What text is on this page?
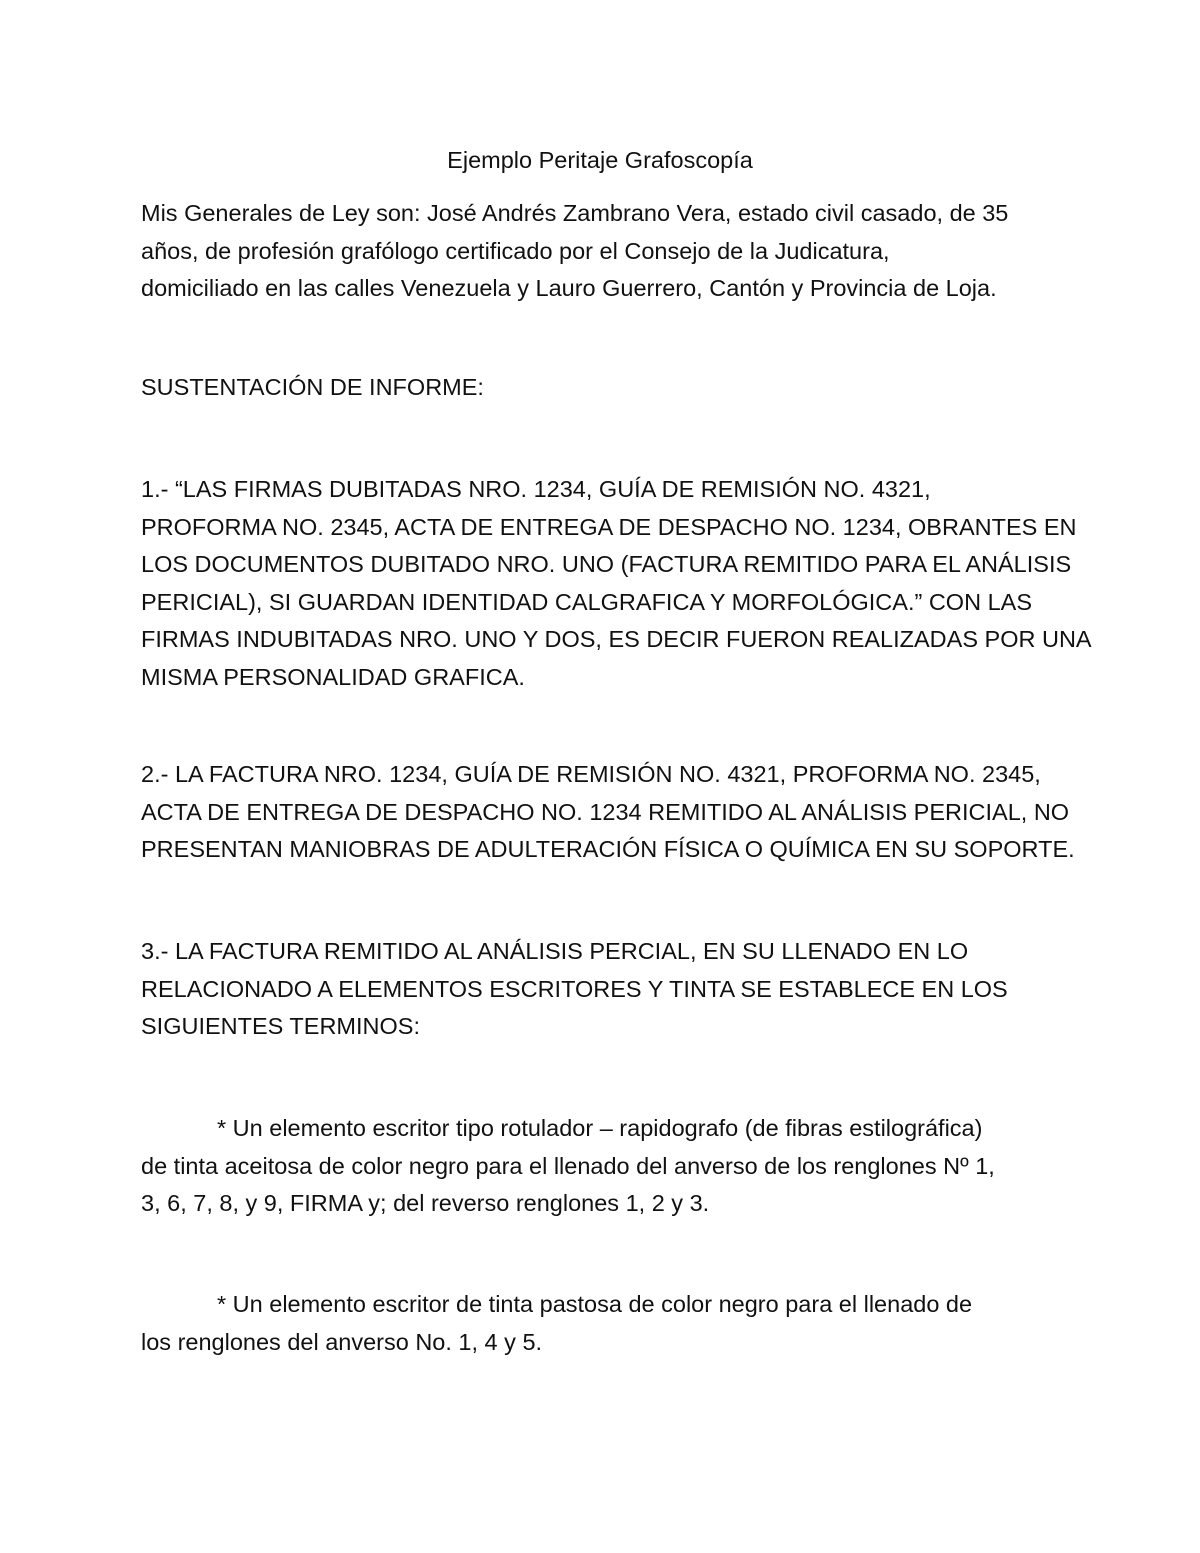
Ejemplo Peritaje Grafoscopía

Mis Generales de Ley son: José Andrés Zambrano Vera, estado civil casado, de 35
años, de profesión grafólogo certificado por el Consejo de la Judicatura,
domiciliado en las calles Venezuela y Lauro Guerrero, Cantón y Provincia de Loja.

SUSTENTACIÓN DE INFORME:

1.- “LAS FIRMAS DUBITADAS NRO. 1234, GUÍA DE REMISIÓN NO. 4321,
PROFORMA NO. 2345, ACTA DE ENTREGA DE DESPACHO NO. 1234, OBRANTES EN
LOS DOCUMENTOS DUBITADO NRO. UNO (FACTURA REMITIDO PARA EL ANÁLISIS
PERICIAL), SI GUARDAN IDENTIDAD CALGRAFICA Y MORFOLÓGICA.” CON LAS
FIRMAS INDUBITADAS NRO. UNO Y DOS, ES DECIR FUERON REALIZADAS POR UNA
MISMA PERSONALIDAD GRAFICA.

2.- LA FACTURA NRO. 1234, GUÍA DE REMISIÓN NO. 4321, PROFORMA NO. 2345,
ACTA DE ENTREGA DE DESPACHO NO. 1234 REMITIDO AL ANÁLISIS PERICIAL, NO
PRESENTAN MANIOBRAS DE ADULTERACIÓN FÍSICA O QUÍMICA EN SU SOPORTE.

3.- LA FACTURA REMITIDO AL ANÁLISIS PERCIAL, EN SU LLENADO EN LO
RELACIONADO A ELEMENTOS ESCRITORES Y TINTA SE ESTABLECE EN LOS
SIGUIENTES TERMINOS:

* Un elemento escritor tipo rotulador – rapidografo (de fibras estilográfica)
de tinta aceitosa de color negro para el llenado del anverso de los renglones Nº 1,
3, 6, 7, 8, y 9, FIRMA y; del reverso renglones 1, 2 y 3.

* Un elemento escritor de tinta pastosa de color negro para el llenado de
los renglones del anverso No. 1, 4 y 5.
